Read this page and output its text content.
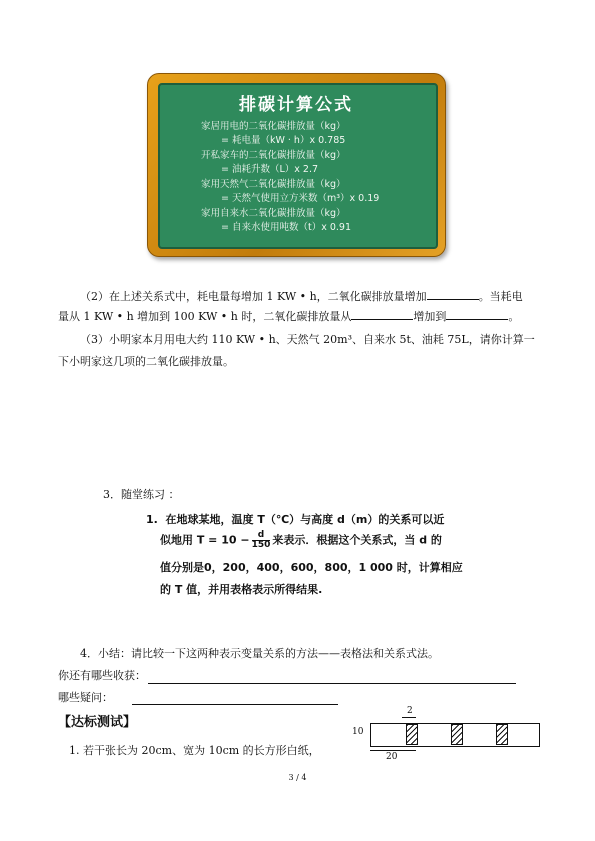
排碳计算公式
家居用电的二氧化碳排放量（kg）
= 耗电量（kW · h）x 0.785
开私家车的二氧化碳排放量（kg）
= 油耗升数（L）x 2.7
家用天然气二氧化碳排放量（kg）
= 天然气使用立方米数（m³）x 0.19
家用自来水二氧化碳排放量（kg）
= 自来水使用吨数（t）x 0.91
（2）在上述关系式中，耗电量每增加 1 KW • h，二氧化碳排放量增加	。当耗电
量从 1 KW • h 增加到 100 KW • h 时，二氧化碳排放量从	增加到	。
（3）小明家本月用电大约 110 KW • h、天然气 20m³、自来水 5t、油耗 75L，请你计算一
下小明家这几项的二氧化碳排放量。
3．随堂练习 ：
1. 在地球某地，温度 T（℃）与高度 d（m）的关系可以近
似地用 $T = 10 - \frac{d}{150}$ 来表示．根据这个关系式，当 d 的
值分别是0，200，400，600，800，1 000 时，计算相应
的 T 值，并用表格表示所得结果.
4．小结：请比较一下这两种表示变量关系的方法——表格法和关系式法。
你还有哪些收获：
哪些疑问：
【达标测试】
1. 若干张长为 20cm、宽为 10cm 的长方形白纸，
2
10
20
3 / 4
